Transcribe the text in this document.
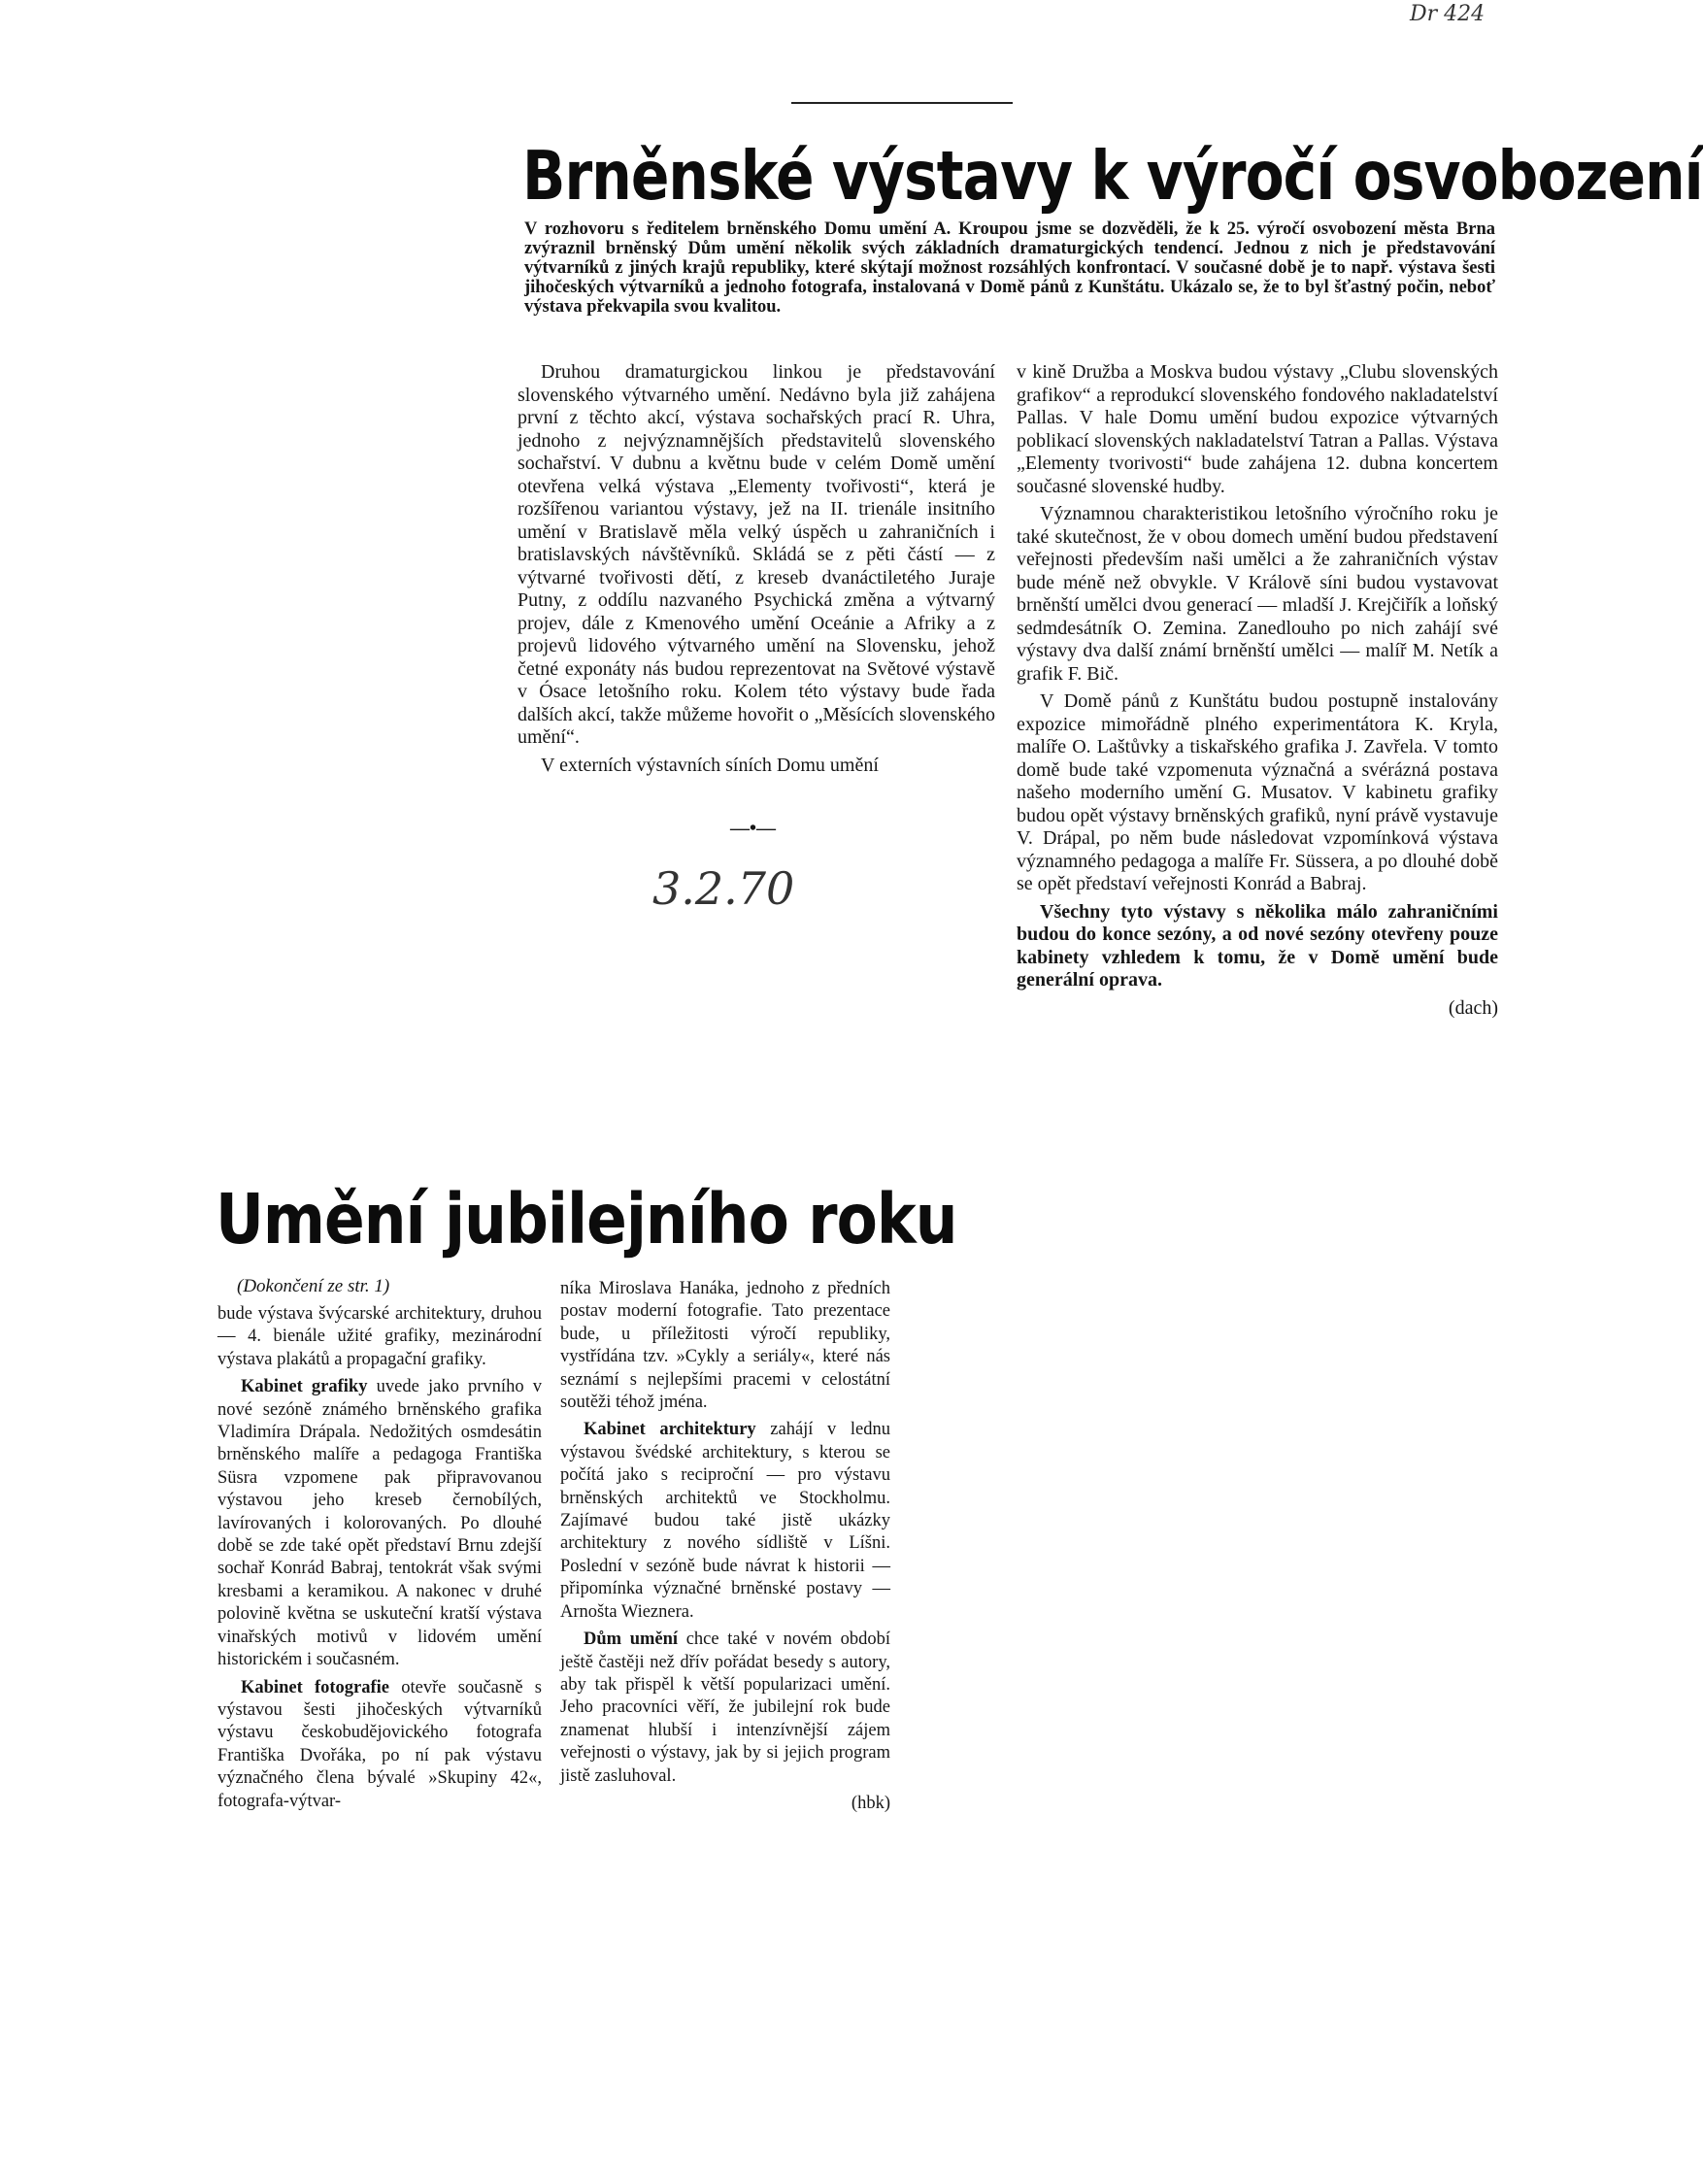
Dr 424
Brněnské výstavy k výročí osvobození
V rozhovoru s ředitelem brněnského Domu umění A. Kroupou jsme se dozvěděli, že k 25. výročí osvobození města Brna zvýraznil brněnský Dům umění několik svých základních dramaturgických tendencí. Jednou z nich je představování výtvarníků z jiných krajů republiky, které skýtají možnost rozsáhlých konfrontací. V současné době je to např. výstava šesti jihočeských výtvarníků a jednoho fotografa, instalovaná v Domě pánů z Kunštátu. Ukázalo se, že to byl šťastný počin, neboť výstava překvapila svou kvalitou.

Druhou dramaturgickou linkou je představování slovenského výtvarného umění. Nedávno byla již zahájena první z těchto akcí, výstava sochařských prací R. Uhra, jednoho z nejvýznamnějších představitelů slovenského sochařství. V dubnu a květnu bude v celém Domě umění otevřena velká výstava „Elementy tvořivosti“, která je rozšířenou variantou výstavy, jež na II. trienále insitního umění v Bratislavě měla velký úspěch u zahraničních i bratislavských návštěvníků. Skládá se z pěti částí — z výtvarné tvořivosti dětí, z kreseb dvanáctiletého Juraje Putny, z oddílu nazvaného Psychická změna a výtvarný projev, dále z Kmenového umění Oceánie a Afriky a z projevů lidového výtvarného umění na Slovensku, jehož četné exponáty nás budou reprezentovat na Světové výstavě v Ósace letošního roku. Kolem této výstavy bude řada dalších akcí, takže můžeme hovořit o „Měsících slovenského umění“.

V externích výstavních síních Domu umění

—•—
3.2.70

v kině Družba a Moskva budou výstavy „Clubu slovenských grafikov“ a reprodukcí slovenského fondového nakladatelství Pallas. V hale Domu umění budou expozice výtvarných poblikací slovenských nakladatelství Tatran a Pallas. Výstava „Elementy tvorivosti“ bude zahájena 12. dubna koncertem současné slovenské hudby.

Významnou charakteristikou letošního výročního roku je také skutečnost, že v obou domech umění budou představení veřejnosti především naši umělci a že zahraničních výstav bude méně než obvykle. V Královĕ síni budou vystavovat brněnští umělci dvou generací — mladší J. Krejčiřík a loňský sedmdesátník O. Zemina. Zanedlouho po nich zahájí své výstavy dva další známí brněnští umělci — malíř M. Netík a grafik F. Bič.

V Domě pánů z Kunštátu budou postupně instalovány expozice mimořádně plného experimentátora K. Kryla, malíře O. Laštůvky a tiskařského grafika J. Zavřela. V tomto domě bude také vzpomenuta význačná a svérázná postava našeho moderního umění G. Musatov. V kabinetu grafiky budou opět výstavy brněnských grafiků, nyní právě vystavuje V. Drápal, po něm bude následovat vzpomínková výstava významného pedagoga a malíře Fr. Süssera, a po dlouhé době se opět představí veřejnosti Konrád a Babraj.

Všechny tyto výstavy s několika málo zahraničními budou do konce sezóny, a od nové sezóny otevřeny pouze kabinety vzhledem k tomu, že v Domě umění bude generální oprava.

(dach)
Umění jubilejního roku
(Dokončení ze str. 1)

bude výstava švýcarské architektury, druhou — 4. bienále užité grafiky, mezinárodní výstava plakátů a propagační grafiky.

Kabinet grafiky uvede jako prvního v nové sezóně známého brněnského grafika Vladimíra Drápala. Nedožitých osmdesátin brněnského malíře a pedagoga Františka Süsra vzpomene pak připravovanou výstavou jeho kreseb černobílých, lavírovaných i kolorovaných. Po dlouhé době se zde také opět představí Brnu zdejší sochař Konrád Babraj, tentokrát však svými kresbami a keramikou. A nakonec v druhé polovině května se uskuteční kratší výstava vinařských motivů v lidovém umění historickém i současném.

Kabinet fotografie otevře současně s výstavou šesti jihočeských výtvarníků výstavu českobudějovického fotografa Františka Dvořáka, po ní pak výstavu význačného člena bývalé »Skupiny 42«, fotografa-výtvar-

níka Miroslava Hanáka, jednoho z předních postav moderní fotografie. Tato prezentace bude, u příležitosti výročí republiky, vystřídána tzv. »Cykly a seriály«, které nás seznámí s nejlepšími pracemi v celostátní soutěži téhož jména.

Kabinet architektury zahájí v lednu výstavou švédské architektury, s kterou se počítá jako s reciproční — pro výstavu brněnských architektů ve Stockholmu. Zajímavé budou také jistě ukázky architektury z nového sídliště v Líšni. Poslední v sezóně bude návrat k historii — připomínka význačné brněnské postavy — Arnošta Wieznera.

Dům umění chce také v novém období ještě častěji než dřív pořádat besedy s autory, aby tak přispěl k větší popularizaci umění. Jeho pracovníci věří, že jubilejní rok bude znamenat hlubší i intenzívnější zájem veřejnosti o výstavy, jak by si jejich program jistě zasluhoval.

(hbk)
